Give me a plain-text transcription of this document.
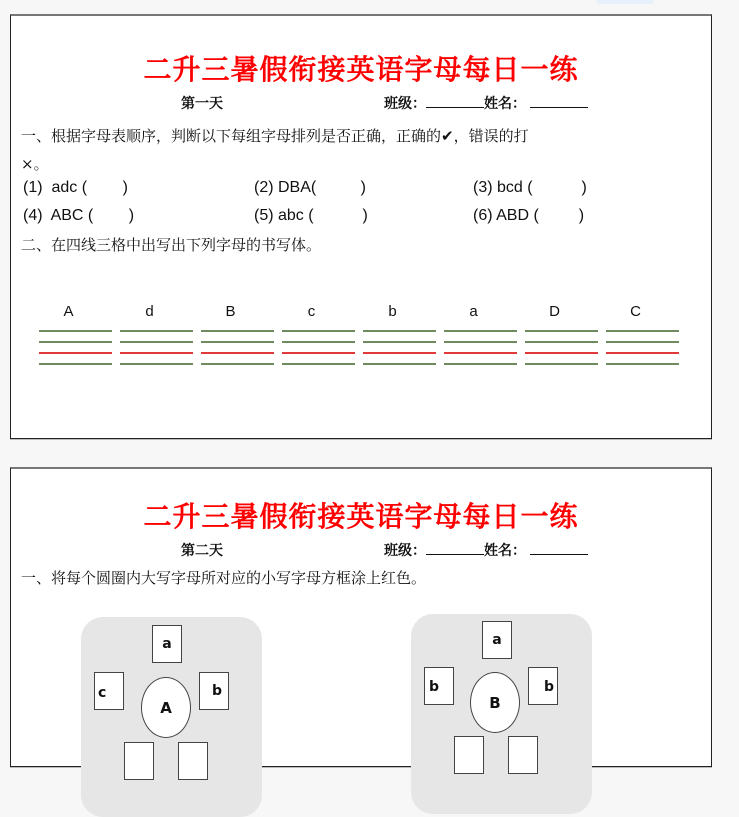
二升三暑假衔接英语字母每日一练
第一天	班级：	姓名：
一、根据字母表顺序，判断以下每组字母排列是否正确，正确的✔，错误的打
×。
(1)  adc (        )	(2) DBA(          )	(3) bcd (           )
(4)  ABC (        )	(5) abc (           )	(6) ABD (         )
二、在四线三格中出写出下列字母的书写体。
A	d	B	c	b	a	D	C
二升三暑假衔接英语字母每日一练
第二天	班级：	姓名：
一、将每个圆圈内大写字母所对应的小写字母方框涂上红色。
a
c
A
b
a
b
B
b
